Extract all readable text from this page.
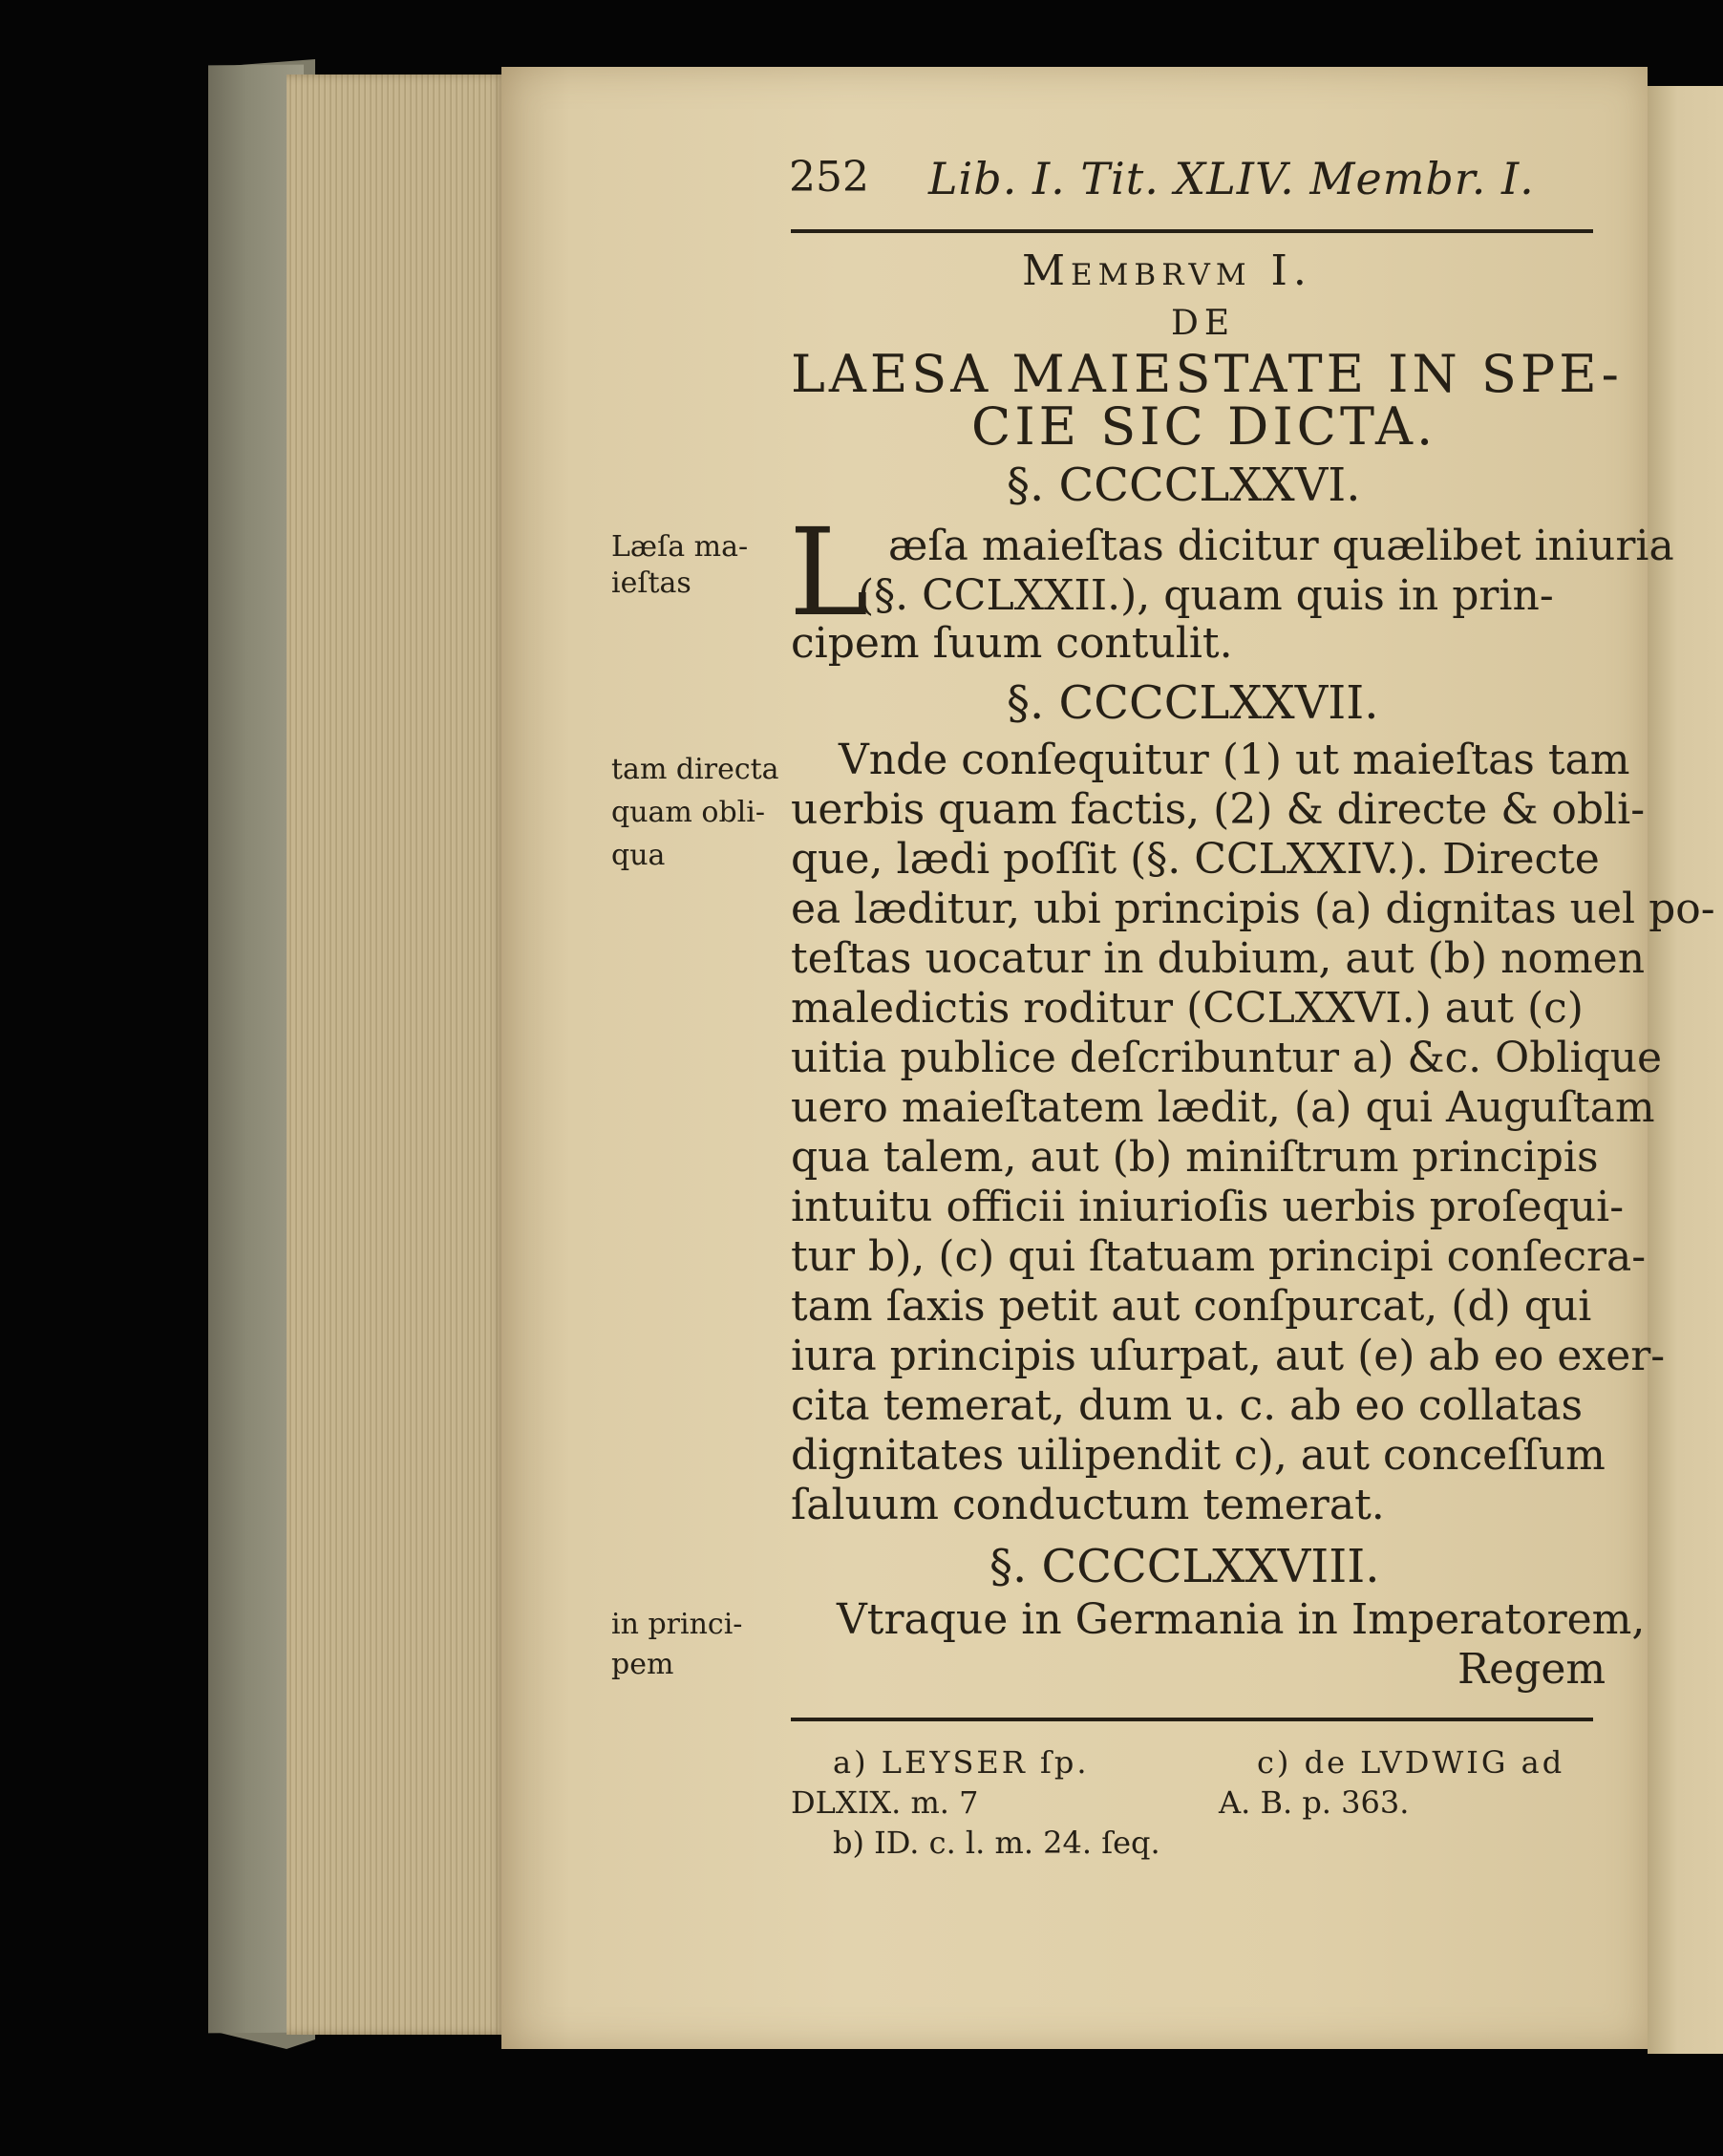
252 Lib. I. Tit. XLIV. Membr. I.
Membrvm I.
DE
LAESA MAIESTATE IN SPE-
CIE SIC DICTA.
§. CCCCLXXVI.
Læſa ma-
ieſtas L æſa maieſtas dicitur quælibet iniuria
(§. CCLXXII.), quam quis in prin-
cipem ſuum contulit.
§. CCCCLXXVII.
tam directa
quam obli-
qua
Vnde conſequitur (1) ut maieſtas tam
uerbis quam factis, (2) & directe & obli-
que, lædi poſſit (§. CCLXXIV.). Directe
ea læditur, ubi principis (a) dignitas uel po-
teſtas uocatur in dubium, aut (b) nomen
maledictis roditur (CCLXXVI.) aut (c)
uitia publice deſcribuntur a) &c. Oblique
uero maieſtatem lædit, (a) qui Auguſtam
qua talem, aut (b) miniſtrum principis
intuitu officii iniurioſis uerbis proſequi-
tur b), (c) qui ſtatuam principi conſecra-
tam ſaxis petit aut conſpurcat, (d) qui
iura principis uſurpat, aut (e) ab eo exer-
cita temerat, dum u. c. ab eo collatas
dignitates uilipendit c), aut conceſſum
ſaluum conductum temerat.
§. CCCCLXXVIII.
in princi-
pem
Vtraque in Germania in Imperatorem,
Regem
a) LEYSER ſp.
DLXIX. m. 7
b) ID. c. l. m. 24. ſeq.
c) de LVDWIG ad
A. B. p. 363.
